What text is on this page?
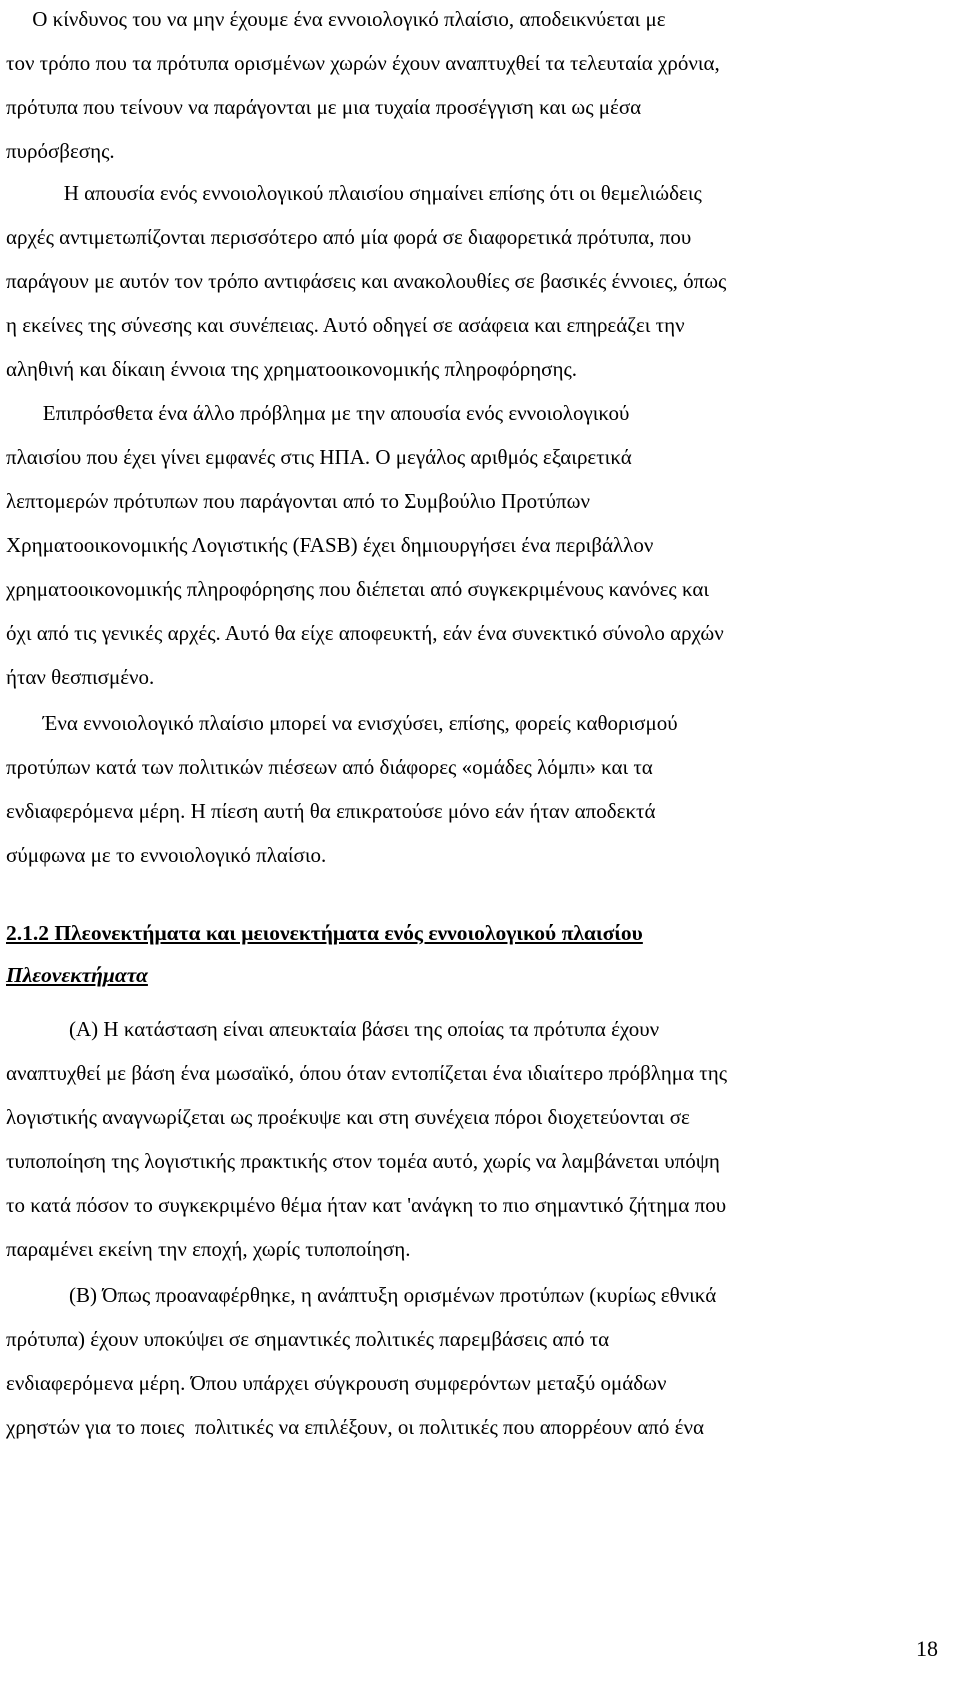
Ο κίνδυνος του να μην έχουμε ένα εννοιολογικό πλαίσιο, αποδεικνύεται με

τον τρόπο που τα πρότυπα ορισμένων χωρών έχουν αναπτυχθεί τα τελευταία χρόνια,

πρότυπα που τείνουν να παράγονται με μια τυχαία προσέγγιση και ως μέσα

πυρόσβεσης.

Η απουσία ενός εννοιολογικού πλαισίου σημαίνει επίσης ότι οι θεμελιώδεις

αρχές αντιμετωπίζονται περισσότερο από μία φορά σε διαφορετικά πρότυπα, που

παράγουν με αυτόν τον τρόπο αντιφάσεις και ανακολουθίες σε βασικές έννοιες, όπως

η εκείνες της σύνεσης και συνέπειας. Αυτό οδηγεί σε ασάφεια και επηρεάζει την

αληθινή και δίκαιη έννοια της χρηματοοικονομικής πληροφόρησης.

Επιπρόσθετα ένα άλλο πρόβλημα με την απουσία ενός εννοιολογικού

πλαισίου που έχει γίνει εμφανές στις ΗΠΑ. Ο μεγάλος αριθμός εξαιρετικά

λεπτομερών πρότυπων που παράγονται από το Συμβούλιο Προτύπων

Χρηματοοικονομικής Λογιστικής (FASB) έχει δημιουργήσει ένα περιβάλλον

χρηματοοικονομικής πληροφόρησης που διέπεται από συγκεκριμένους κανόνες και

όχι από τις γενικές αρχές. Αυτό θα είχε αποφευκτή, εάν ένα συνεκτικό σύνολο αρχών

ήταν θεσπισμένο.

Ένα εννοιολογικό πλαίσιο μπορεί να ενισχύσει, επίσης, φορείς καθορισμού

προτύπων κατά των πολιτικών πιέσεων από διάφορες «ομάδες λόμπι» και τα

ενδιαφερόμενα μέρη. Η πίεση αυτή θα επικρατούσε μόνο εάν ήταν αποδεκτά

σύμφωνα με το εννοιολογικό πλαίσιο.

2.1.2 Πλεονεκτήματα και μειονεκτήματα ενός εννοιολογικού πλαισίου

Πλεονεκτήματα

(Α) Η κατάσταση είναι απευκταία βάσει της οποίας τα πρότυπα έχουν

αναπτυχθεί με βάση ένα μωσαϊκό, όπου όταν εντοπίζεται ένα ιδιαίτερο πρόβλημα της

λογιστικής αναγνωρίζεται ως προέκυψε και στη συνέχεια πόροι διοχετεύονται σε

τυποποίηση της λογιστικής πρακτικής στον τομέα αυτό, χωρίς να λαμβάνεται υπόψη

το κατά πόσον το συγκεκριμένο θέμα ήταν κατ 'ανάγκη το πιο σημαντικό ζήτημα που

παραμένει εκείνη την εποχή, χωρίς τυποποίηση.

(Β) Όπως προαναφέρθηκε, η ανάπτυξη ορισμένων προτύπων (κυρίως εθνικά

πρότυπα) έχουν υποκύψει σε σημαντικές πολιτικές παρεμβάσεις από τα

ενδιαφερόμενα μέρη. Όπου υπάρχει σύγκρουση συμφερόντων μεταξύ ομάδων

χρηστών για το ποιες  πολιτικές να επιλέξουν, οι πολιτικές που απορρέουν από ένα

18
